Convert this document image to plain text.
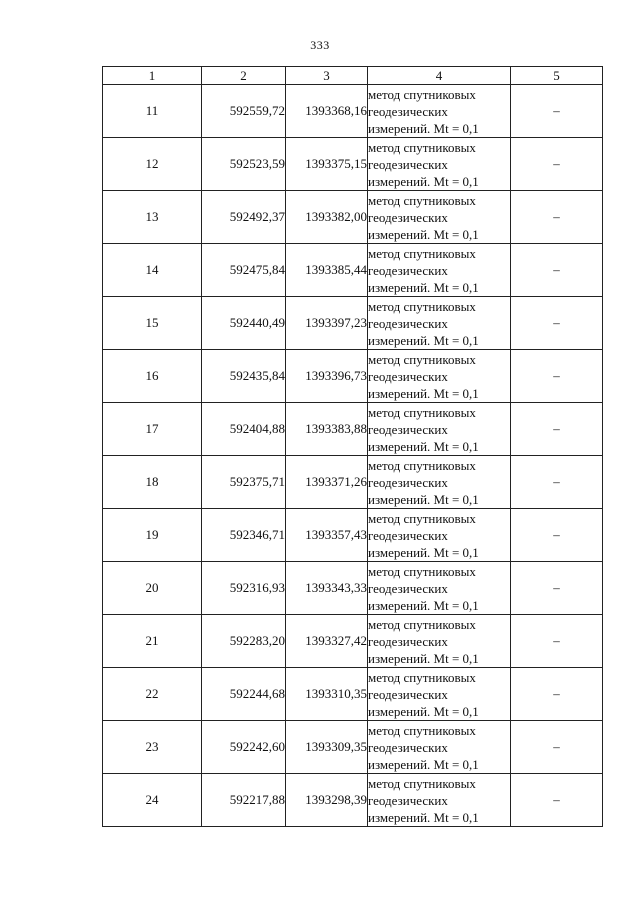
333
1	2	3	4	5
11	592559,72	1393368,16	метод спутниковых
геодезических
измерений. Mt = 0,1	–
12	592523,59	1393375,15	метод спутниковых
геодезических
измерений. Mt = 0,1	–
13	592492,37	1393382,00	метод спутниковых
геодезических
измерений. Mt = 0,1	–
14	592475,84	1393385,44	метод спутниковых
геодезических
измерений. Mt = 0,1	–
15	592440,49	1393397,23	метод спутниковых
геодезических
измерений. Mt = 0,1	–
16	592435,84	1393396,73	метод спутниковых
геодезических
измерений. Mt = 0,1	–
17	592404,88	1393383,88	метод спутниковых
геодезических
измерений. Mt = 0,1	–
18	592375,71	1393371,26	метод спутниковых
геодезических
измерений. Mt = 0,1	–
19	592346,71	1393357,43	метод спутниковых
геодезических
измерений. Mt = 0,1	–
20	592316,93	1393343,33	метод спутниковых
геодезических
измерений. Mt = 0,1	–
21	592283,20	1393327,42	метод спутниковых
геодезических
измерений. Mt = 0,1	–
22	592244,68	1393310,35	метод спутниковых
геодезических
измерений. Mt = 0,1	–
23	592242,60	1393309,35	метод спутниковых
геодезических
измерений. Mt = 0,1	–
24	592217,88	1393298,39	метод спутниковых
геодезических
измерений. Mt = 0,1	–
